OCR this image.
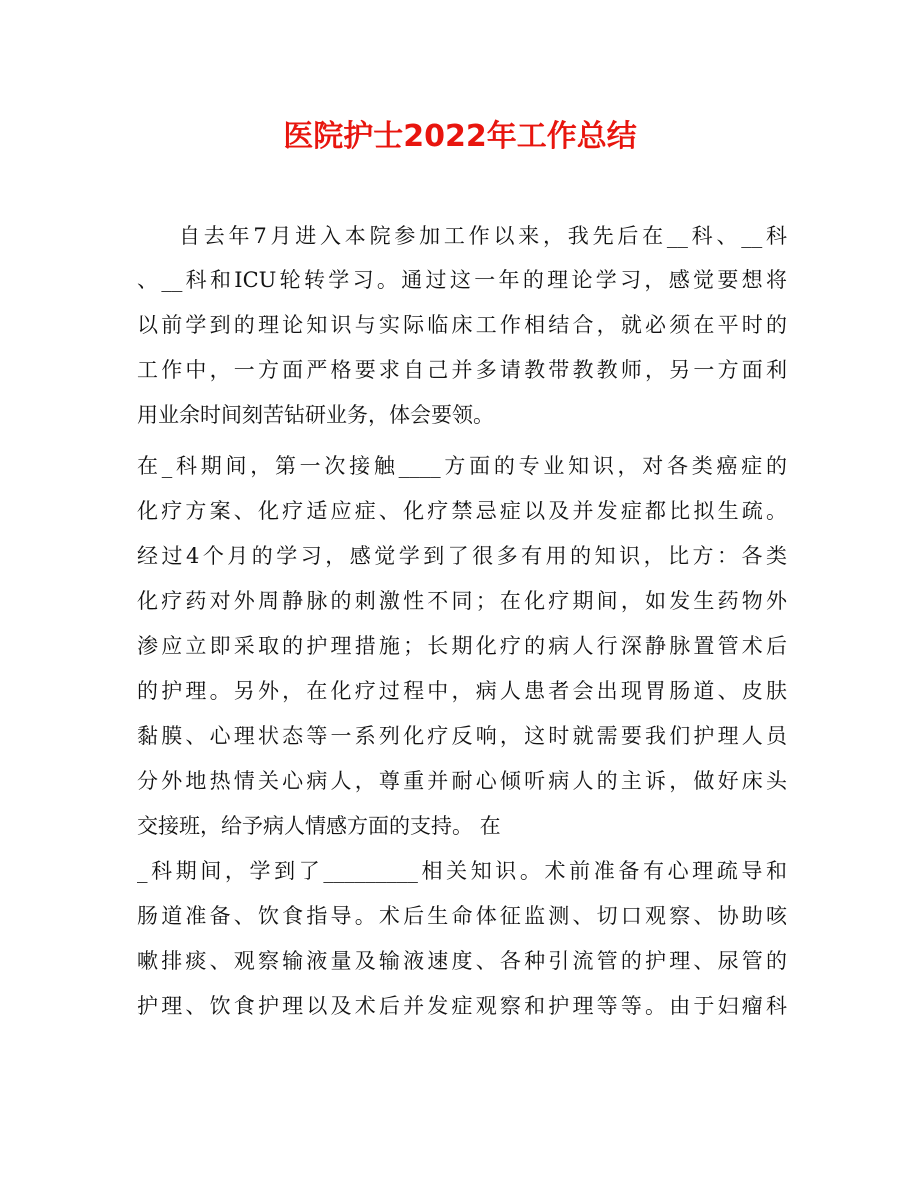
医院护士2022年工作总结
自去年7月进入本院参加工作以来，我先后在__科、__科
、__科和ICU轮转学习。通过这一年的理论学习，感觉要想将
以前学到的理论知识与实际临床工作相结合，就必须在平时的
工作中，一方面严格要求自己并多请教带教教师，另一方面利
用业余时间刻苦钻研业务，体会要领。
在_科期间，第一次接触____方面的专业知识，对各类癌症的
化疗方案、化疗适应症、化疗禁忌症以及并发症都比拟生疏。
经过4个月的学习，感觉学到了很多有用的知识，比方：各类
化疗药对外周静脉的刺激性不同；在化疗期间，如发生药物外
渗应立即采取的护理措施；长期化疗的病人行深静脉置管术后
的护理。另外，在化疗过程中，病人患者会出现胃肠道、皮肤
黏膜、心理状态等一系列化疗反响，这时就需要我们护理人员
分外地热情关心病人，尊重并耐心倾听病人的主诉，做好床头
交接班，给予病人情感方面的支持。 在
_科期间，学到了_________相关知识。术前准备有心理疏导和
肠道准备、饮食指导。术后生命体征监测、切口观察、协助咳
嗽排痰、观察输液量及输液速度、各种引流管的护理、尿管的
护理、饮食护理以及术后并发症观察和护理等等。由于妇瘤科
